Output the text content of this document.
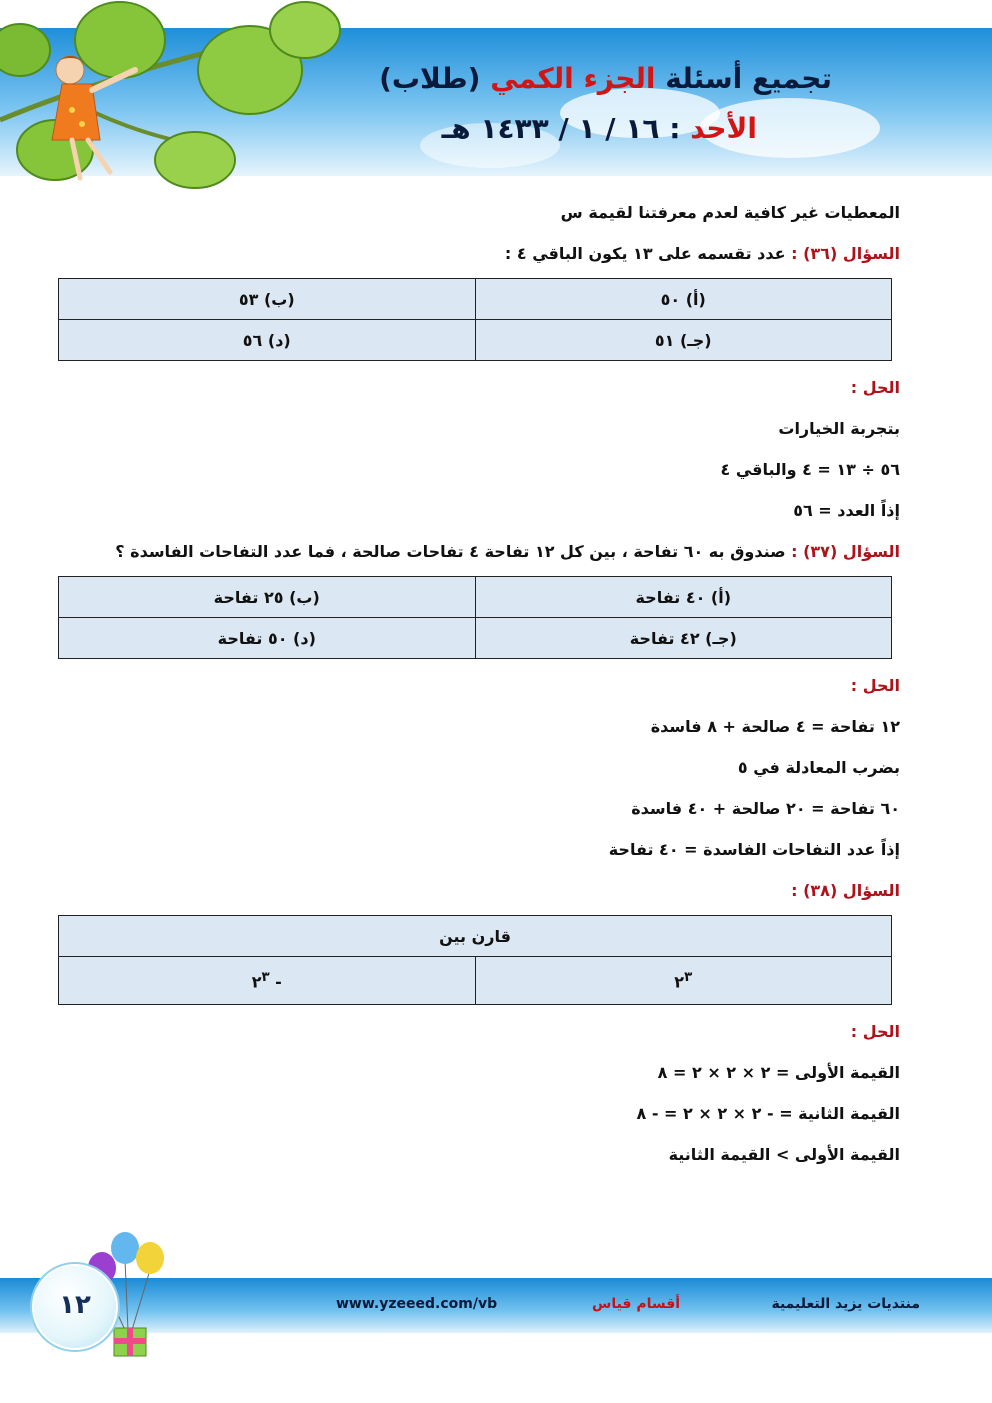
تجميع أسئلة الجزء الكمي (طلاب)
الأحد : ١٦ / ١ / ١٤٣٣ هـ
المعطيات غير كافية لعدم معرفتنا لقيمة س
السؤال (٣٦) : عدد تقسمه على ١٣ يكون الباقي ٤ :
(أ) ٥٠	(ب) ٥٣
(جـ) ٥١	(د) ٥٦
الحل :
بتجربة الخيارات
٥٦ ÷ ١٣ = ٤ والباقي ٤
إذاً العدد = ٥٦
السؤال (٣٧) : صندوق به ٦٠ تفاحة ، بين كل ١٢ تفاحة ٤ تفاحات صالحة ، فما عدد التفاحات الفاسدة ؟
(أ) ٤٠ تفاحة	(ب) ٢٥ تفاحة
(جـ) ٤٢ تفاحة	(د) ٥٠ تفاحة
الحل :
١٢ تفاحة = ٤ صالحة + ٨ فاسدة
بضرب المعادلة في ٥
٦٠ تفاحة = ٢٠ صالحة + ٤٠ فاسدة
إذاً عدد التفاحات الفاسدة = ٤٠ تفاحة
السؤال (٣٨) :
قارن بين
$٢^٣$	- $٢^٣$
الحل :
القيمة الأولى = ٢ × ٢ × ٢ = ٨
القيمة الثانية = - ٢ × ٢ × ٢ = - ٨
القيمة الأولى > القيمة الثانية
منتديات يزيد التعليمية
أقسام قياس
www.yzeeed.com/vb
١٢
